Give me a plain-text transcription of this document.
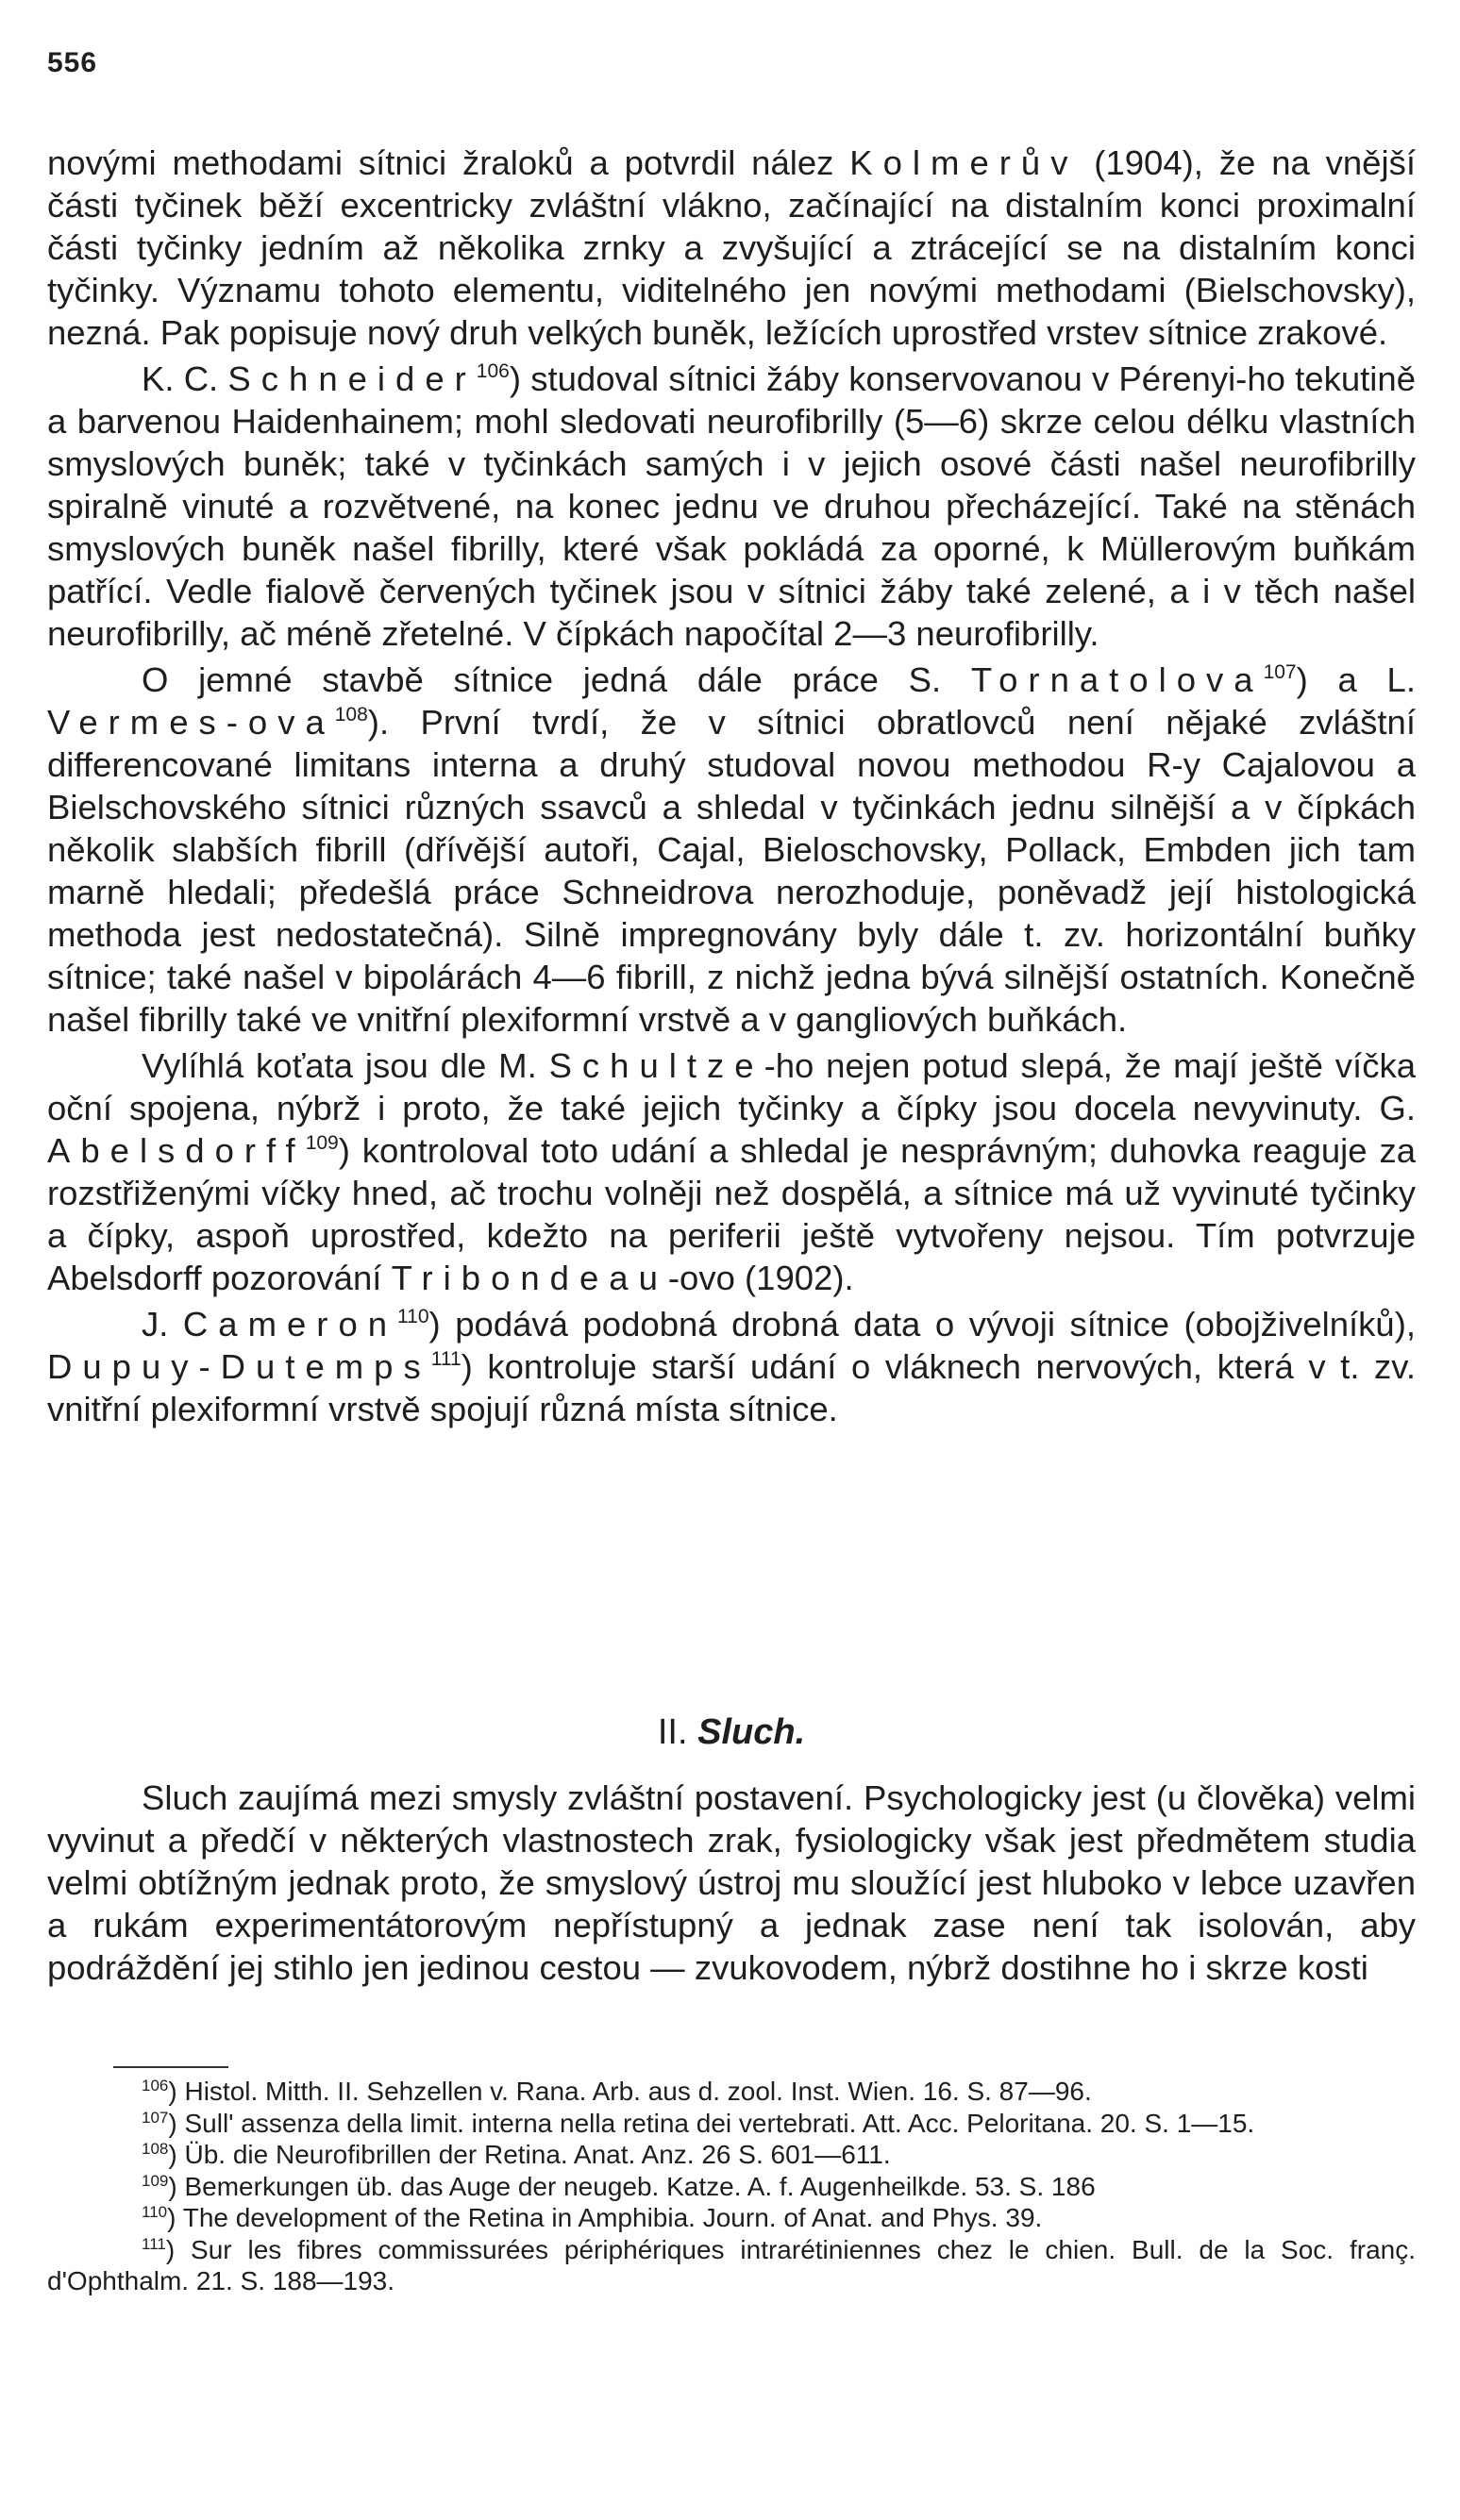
556

novými methodami sítnici žraloků a potvrdil nález Kolmerův (1904), že na vnější části tyčinek běží excentricky zvláštní vlákno, začínající na distalním konci proximalní části tyčinky jedním až několika zrnky a zvyšující a ztrácející se na distalním konci tyčinky. Významu tohoto elementu, viditelného jen novými methodami (Bielschovsky), nezná. Pak popisuje nový druh velkých buněk, ležících uprostřed vrstev sítnice zrakové.

K. C. Schneider$^{106}$) studoval sítnici žáby konservovanou v Pérenyi-ho tekutině a barvenou Haidenhainem; mohl sledovati neurofibrilly (5—6) skrze celou délku vlastních smyslových buněk; také v tyčinkách samých i v jejich osové části našel neurofibrilly spiralně vinuté a rozvětvené, na konec jednu ve druhou přecházející. Také na stěnách smyslových buněk našel fibrilly, které však pokládá za oporné, k Müllerovým buňkám patřící. Vedle fialově červených tyčinek jsou v sítnici žáby také zelené, a i v těch našel neurofibrilly, ač méně zřetelné. V čípkách napočítal 2—3 neurofibrilly.

O jemné stavbě sítnice jedná dále práce S. Tornatolova$^{107}$) a L. Vermes-ova$^{108}$). První tvrdí, že v sítnici obratlovců není nějaké zvláštní differencované limitans interna a druhý studoval novou methodou R-y Cajalovou a Bielschovského sítnici různých ssavců a shledal v tyčinkách jednu silnější a v čípkách několik slabších fibrill (dřívější autoři, Cajal, Bieloschovsky, Pollack, Embden jich tam marně hledali; předešlá práce Schneidrova nerozhoduje, poněvadž její histologická methoda jest nedostatečná). Silně impregnovány byly dále t. zv. horizontální buňky sítnice; také našel v bipolárách 4—6 fibrill, z nichž jedna bývá silnější ostatních. Konečně našel fibrilly také ve vnitřní plexiformní vrstvě a v gangliových buňkách.

Vylíhlá koťata jsou dle M. Schultze-ho nejen potud slepá, že mají ještě víčka oční spojena, nýbrž i proto, že také jejich tyčinky a čípky jsou docela nevyvinuty. G. Abelsdorff$^{109}$) kontroloval toto udání a shledal je nesprávným; duhovka reaguje za rozstřiženými víčky hned, ač trochu volněji než dospělá, a sítnice má už vyvinuté tyčinky a čípky, aspoň uprostřed, kdežto na periferii ještě vytvořeny nejsou. Tím potvrzuje Abelsdorff pozorování Tribondeau-ovo (1902).

J. Cameron$^{110}$) podává podobná drobná data o vývoji sítnice (obojživelníků), Dupuy-Dutemps$^{111}$) kontroluje starší udání o vláknech nervových, která v t. zv. vnitřní plexiformní vrstvě spojují různá místa sítnice.

II. Sluch.

Sluch zaujímá mezi smysly zvláštní postavení. Psychologicky jest (u člověka) velmi vyvinut a předčí v některých vlastnostech zrak, fysiologicky však jest předmětem studia velmi obtížným jednak proto, že smyslový ústroj mu sloužící jest hluboko v lebce uzavřen a rukám experimentátorovým nepřístupný a jednak zase není tak isolován, aby podráždění jej stihlo jen jedinou cestou — zvukovodem, nýbrž dostihne ho i skrze kosti

$^{106}$) Histol. Mitth. II. Sehzellen v. Rana. Arb. aus d. zool. Inst. Wien. 16. S. 87—96.

$^{107}$) Sull' assenza della limit. interna nella retina dei vertebrati. Att. Acc. Peloritana. 20. S. 1—15.

$^{108}$) Üb. die Neurofibrillen der Retina. Anat. Anz. 26 S. 601—611.

$^{109}$) Bemerkungen üb. das Auge der neugeb. Katze. A. f. Augenheilkde. 53. S. 186

$^{110}$) The development of the Retina in Amphibia. Journ. of Anat. and Phys. 39.

$^{111}$) Sur les fibres commissurées périphériques intrarétiniennes chez le chien. Bull. de la Soc. franç. d'Ophthalm. 21. S. 188—193.
